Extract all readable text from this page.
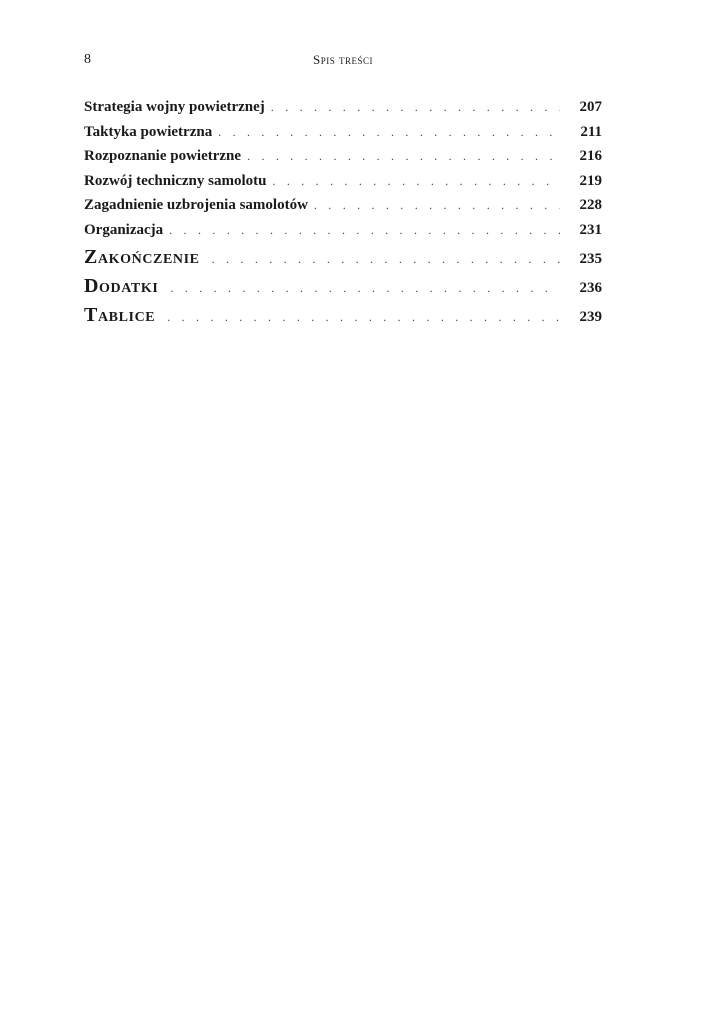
8	Spis treści
Strategia wojny powietrznej . . .	207
Taktyka powietrzna . . .	211
Rozpoznanie powietrzne . . .	216
Rozwój techniczny samolotu . . .	219
Zagadnienie uzbrojenia samolotów . . .	228
Organizacja . . .	231
Zakończenie . . .	235
Dodatki . . .	236
Tablice . . .	239
